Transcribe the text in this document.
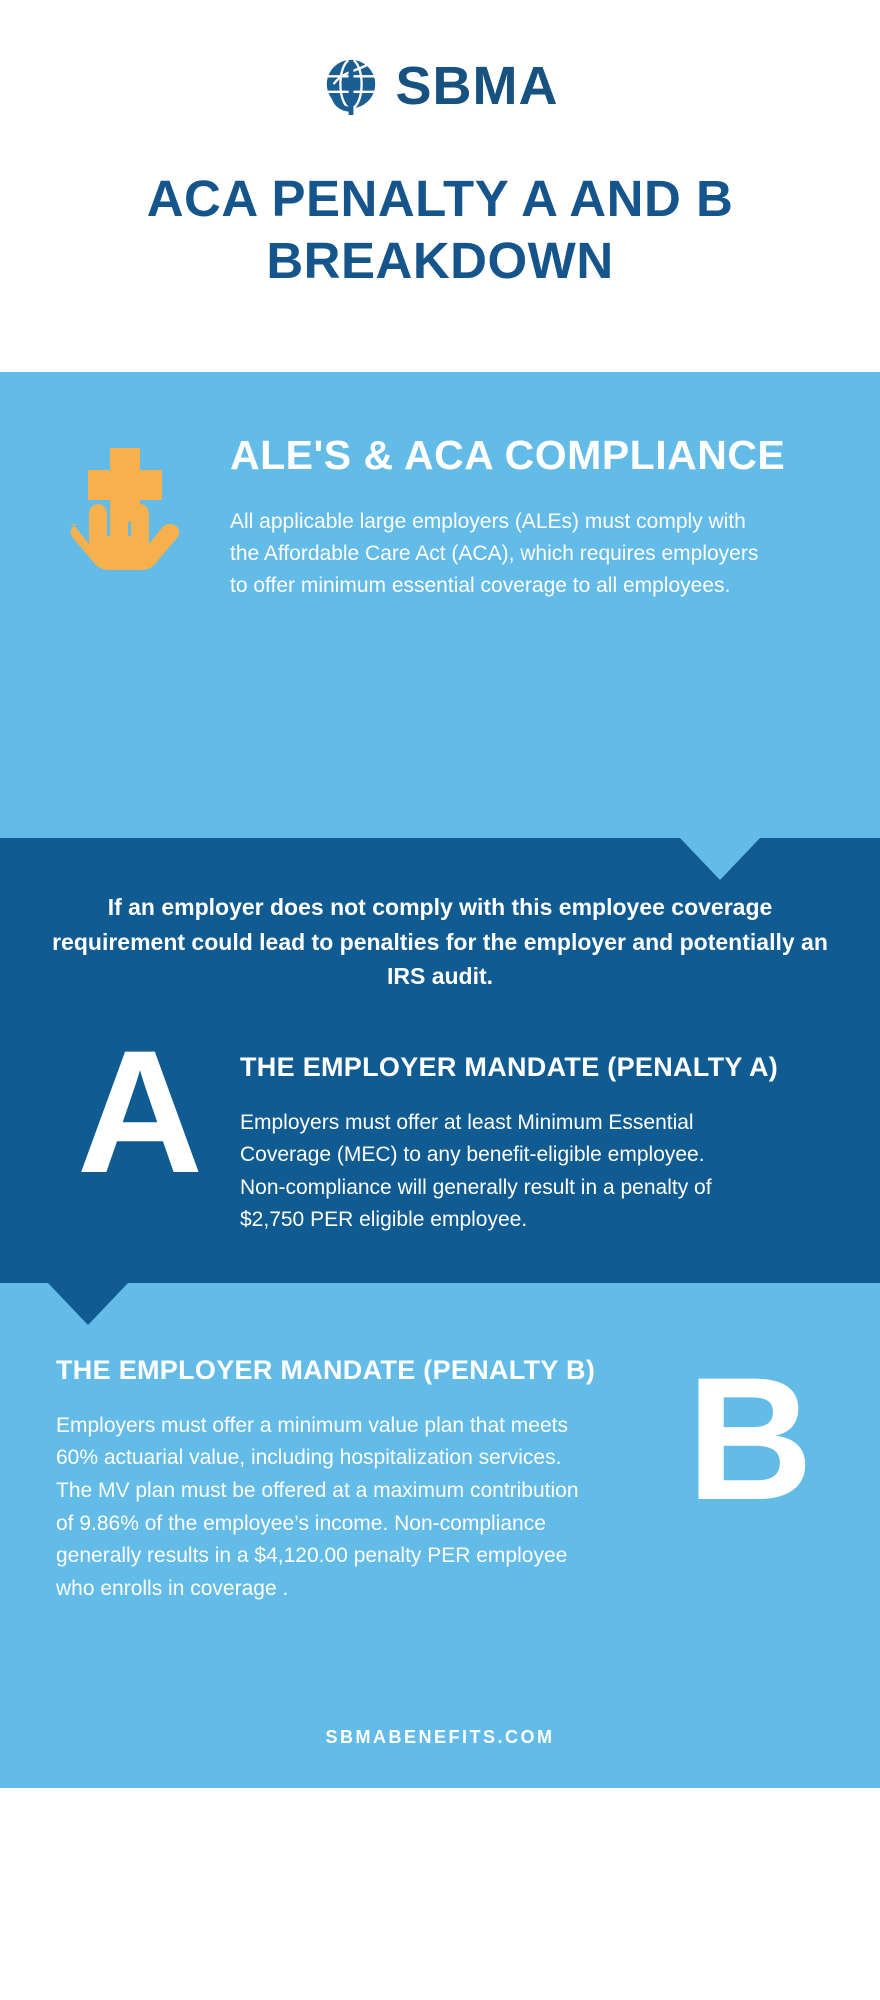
SBMA
ACA PENALTY A AND B BREAKDOWN
ALE'S & ACA COMPLIANCE
All applicable large employers (ALEs) must comply with the Affordable Care Act (ACA), which requires employers to offer minimum essential coverage to all employees.
If an employer does not comply with this employee coverage requirement could lead to penalties for the employer and potentially an IRS audit.
A	THE EMPLOYER MANDATE (PENALTY A)
Employers must offer at least Minimum Essential Coverage (MEC) to any benefit-eligible employee. Non-compliance will generally result in a penalty of $2,750 PER eligible employee.
THE EMPLOYER MANDATE (PENALTY B)
Employers must offer a minimum value plan that meets 60% actuarial value, including hospitalization services. The MV plan must be offered at a maximum contribution of 9.86% of the employee’s income. Non-compliance generally results in a $4,120.00 penalty PER employee who enrolls in coverage .
B
SBMABENEFITS.COM
